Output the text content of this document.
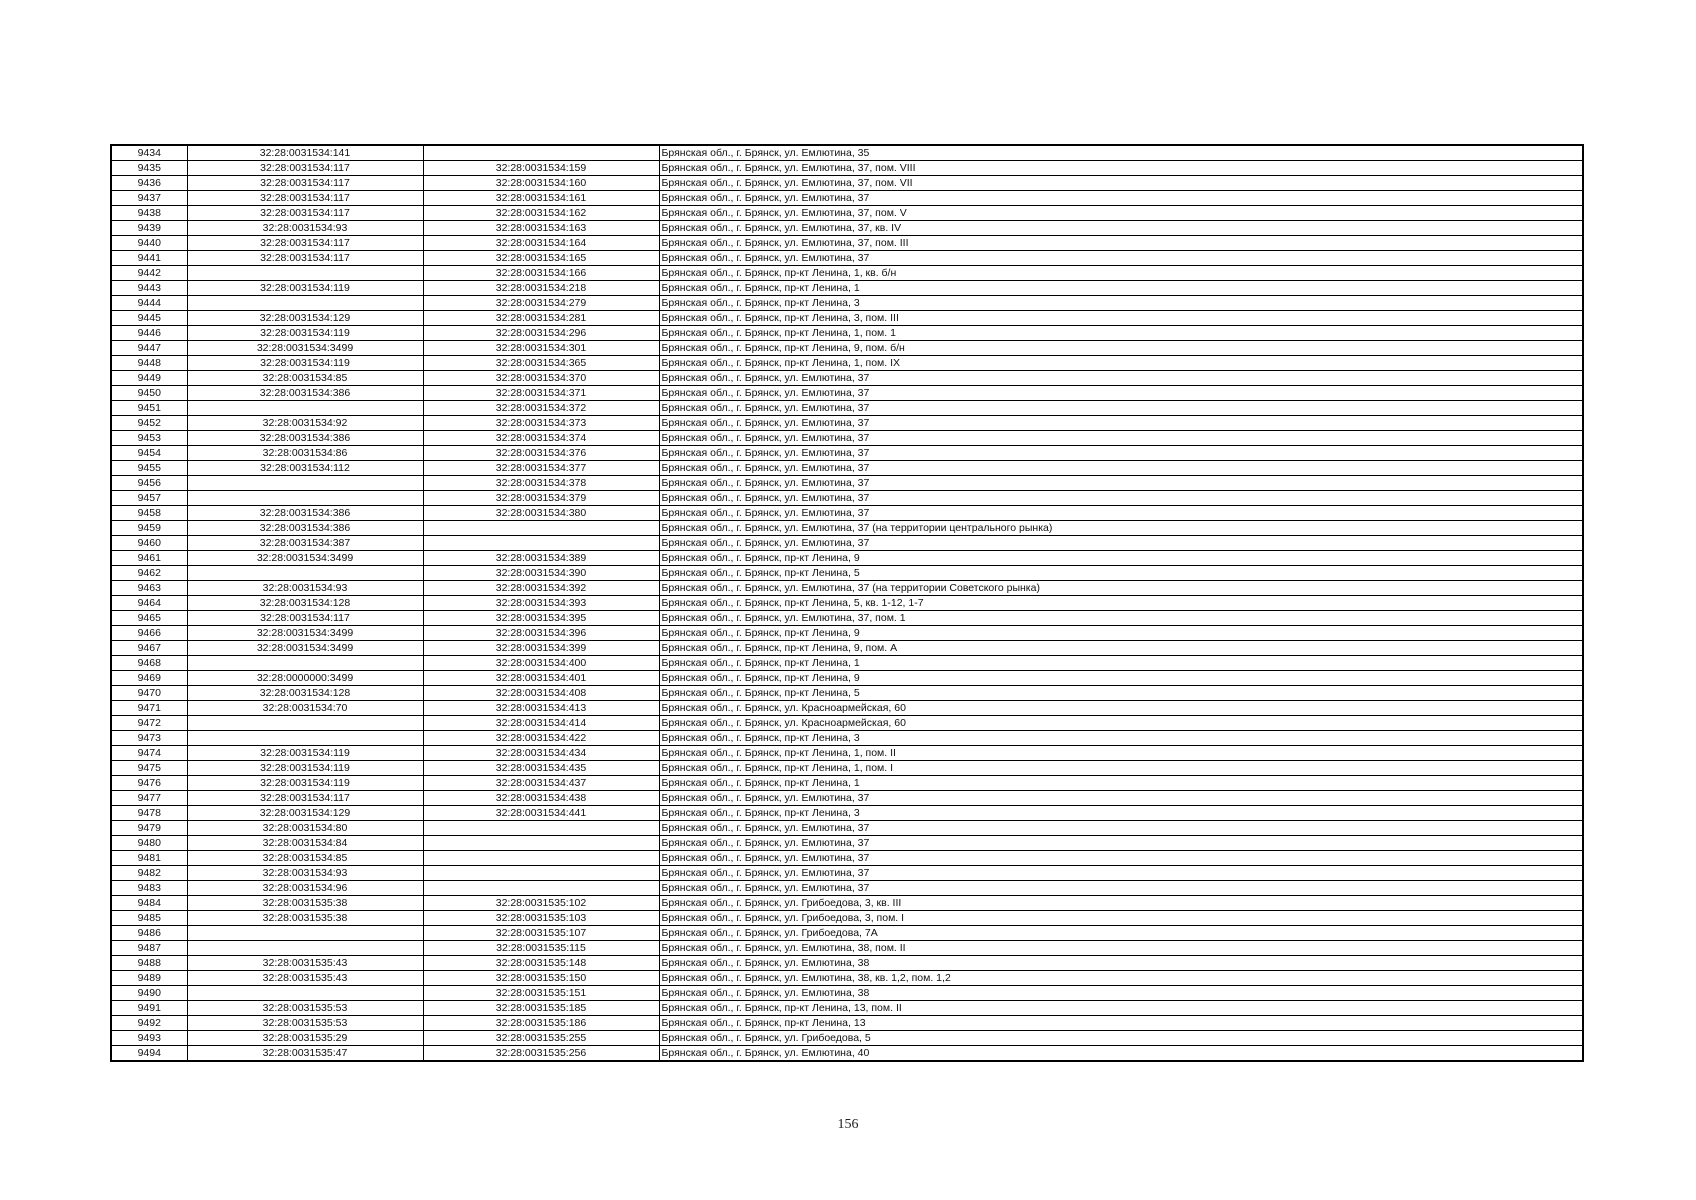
9434	32:28:0031534:141		Брянская обл., г. Брянск, ул. Емлютина, 35
9435	32:28:0031534:117	32:28:0031534:159	Брянская обл., г. Брянск, ул. Емлютина, 37, пом. VIII
9436	32:28:0031534:117	32:28:0031534:160	Брянская обл., г. Брянск, ул. Емлютина, 37, пом. VII
9437	32:28:0031534:117	32:28:0031534:161	Брянская обл., г. Брянск, ул. Емлютина, 37
9438	32:28:0031534:117	32:28:0031534:162	Брянская обл., г. Брянск, ул. Емлютина, 37, пом. V
9439	32:28:0031534:93	32:28:0031534:163	Брянская обл., г. Брянск, ул. Емлютина, 37, кв. IV
9440	32:28:0031534:117	32:28:0031534:164	Брянская обл., г. Брянск, ул. Емлютина, 37, пом. III
9441	32:28:0031534:117	32:28:0031534:165	Брянская обл., г. Брянск, ул. Емлютина, 37
9442		32:28:0031534:166	Брянская обл., г. Брянск, пр-кт Ленина, 1, кв. б/н
9443	32:28:0031534:119	32:28:0031534:218	Брянская обл., г. Брянск, пр-кт Ленина, 1
9444		32:28:0031534:279	Брянская обл., г. Брянск, пр-кт Ленина, 3
9445	32:28:0031534:129	32:28:0031534:281	Брянская обл., г. Брянск, пр-кт Ленина, 3, пом. III
9446	32:28:0031534:119	32:28:0031534:296	Брянская обл., г. Брянск, пр-кт Ленина, 1, пом. 1
9447	32:28:0031534:3499	32:28:0031534:301	Брянская обл., г. Брянск, пр-кт Ленина, 9, пом. б/н
9448	32:28:0031534:119	32:28:0031534:365	Брянская обл., г. Брянск, пр-кт Ленина, 1, пом. IX
9449	32:28:0031534:85	32:28:0031534:370	Брянская обл., г. Брянск, ул. Емлютина, 37
9450	32:28:0031534:386	32:28:0031534:371	Брянская обл., г. Брянск, ул. Емлютина, 37
9451		32:28:0031534:372	Брянская обл., г. Брянск, ул. Емлютина, 37
9452	32:28:0031534:92	32:28:0031534:373	Брянская обл., г. Брянск, ул. Емлютина, 37
9453	32:28:0031534:386	32:28:0031534:374	Брянская обл., г. Брянск, ул. Емлютина, 37
9454	32:28:0031534:86	32:28:0031534:376	Брянская обл., г. Брянск, ул. Емлютина, 37
9455	32:28:0031534:112	32:28:0031534:377	Брянская обл., г. Брянск, ул. Емлютина, 37
9456		32:28:0031534:378	Брянская обл., г. Брянск, ул. Емлютина, 37
9457		32:28:0031534:379	Брянская обл., г. Брянск, ул. Емлютина, 37
9458	32:28:0031534:386	32:28:0031534:380	Брянская обл., г. Брянск, ул. Емлютина, 37
9459	32:28:0031534:386		Брянская обл., г. Брянск, ул. Емлютина, 37 (на территории центрального рынка)
9460	32:28:0031534:387		Брянская обл., г. Брянск, ул. Емлютина, 37
9461	32:28:0031534:3499	32:28:0031534:389	Брянская обл., г. Брянск, пр-кт Ленина, 9
9462		32:28:0031534:390	Брянская обл., г. Брянск, пр-кт Ленина, 5
9463	32:28:0031534:93	32:28:0031534:392	Брянская обл., г. Брянск, ул. Емлютина, 37 (на территории Советского рынка)
9464	32:28:0031534:128	32:28:0031534:393	Брянская обл., г. Брянск, пр-кт Ленина, 5, кв. 1-12, 1-7
9465	32:28:0031534:117	32:28:0031534:395	Брянская обл., г. Брянск, ул. Емлютина, 37, пом. 1
9466	32:28:0031534:3499	32:28:0031534:396	Брянская обл., г. Брянск, пр-кт Ленина, 9
9467	32:28:0031534:3499	32:28:0031534:399	Брянская обл., г. Брянск, пр-кт Ленина, 9, пом. А
9468		32:28:0031534:400	Брянская обл., г. Брянск, пр-кт Ленина, 1
9469	32:28:0000000:3499	32:28:0031534:401	Брянская обл., г. Брянск, пр-кт Ленина, 9
9470	32:28:0031534:128	32:28:0031534:408	Брянская обл., г. Брянск, пр-кт Ленина, 5
9471	32:28:0031534:70	32:28:0031534:413	Брянская обл., г. Брянск, ул. Красноармейская, 60
9472		32:28:0031534:414	Брянская обл., г. Брянск, ул. Красноармейская, 60
9473		32:28:0031534:422	Брянская обл., г. Брянск, пр-кт Ленина, 3
9474	32:28:0031534:119	32:28:0031534:434	Брянская обл., г. Брянск, пр-кт Ленина, 1, пом. II
9475	32:28:0031534:119	32:28:0031534:435	Брянская обл., г. Брянск, пр-кт Ленина, 1, пом. I
9476	32:28:0031534:119	32:28:0031534:437	Брянская обл., г. Брянск, пр-кт Ленина, 1
9477	32:28:0031534:117	32:28:0031534:438	Брянская обл., г. Брянск, ул. Емлютина, 37
9478	32:28:0031534:129	32:28:0031534:441	Брянская обл., г. Брянск, пр-кт Ленина, 3
9479	32:28:0031534:80		Брянская обл., г. Брянск, ул. Емлютина, 37
9480	32:28:0031534:84		Брянская обл., г. Брянск, ул. Емлютина, 37
9481	32:28:0031534:85		Брянская обл., г. Брянск, ул. Емлютина, 37
9482	32:28:0031534:93		Брянская обл., г. Брянск, ул. Емлютина, 37
9483	32:28:0031534:96		Брянская обл., г. Брянск, ул. Емлютина, 37
9484	32:28:0031535:38	32:28:0031535:102	Брянская обл., г. Брянск, ул. Грибоедова, 3, кв. III
9485	32:28:0031535:38	32:28:0031535:103	Брянская обл., г. Брянск, ул. Грибоедова, 3, пом. I
9486		32:28:0031535:107	Брянская обл., г. Брянск, ул. Грибоедова, 7А
9487		32:28:0031535:115	Брянская обл., г. Брянск, ул. Емлютина, 38, пом. II
9488	32:28:0031535:43	32:28:0031535:148	Брянская обл., г. Брянск, ул. Емлютина, 38
9489	32:28:0031535:43	32:28:0031535:150	Брянская обл., г. Брянск, ул. Емлютина, 38, кв. 1,2, пом. 1,2
9490		32:28:0031535:151	Брянская обл., г. Брянск, ул. Емлютина, 38
9491	32:28:0031535:53	32:28:0031535:185	Брянская обл., г. Брянск, пр-кт Ленина, 13, пом. II
9492	32:28:0031535:53	32:28:0031535:186	Брянская обл., г. Брянск, пр-кт Ленина, 13
9493	32:28:0031535:29	32:28:0031535:255	Брянская обл., г. Брянск, ул. Грибоедова, 5
9494	32:28:0031535:47	32:28:0031535:256	Брянская обл., г. Брянск, ул. Емлютина, 40
156
